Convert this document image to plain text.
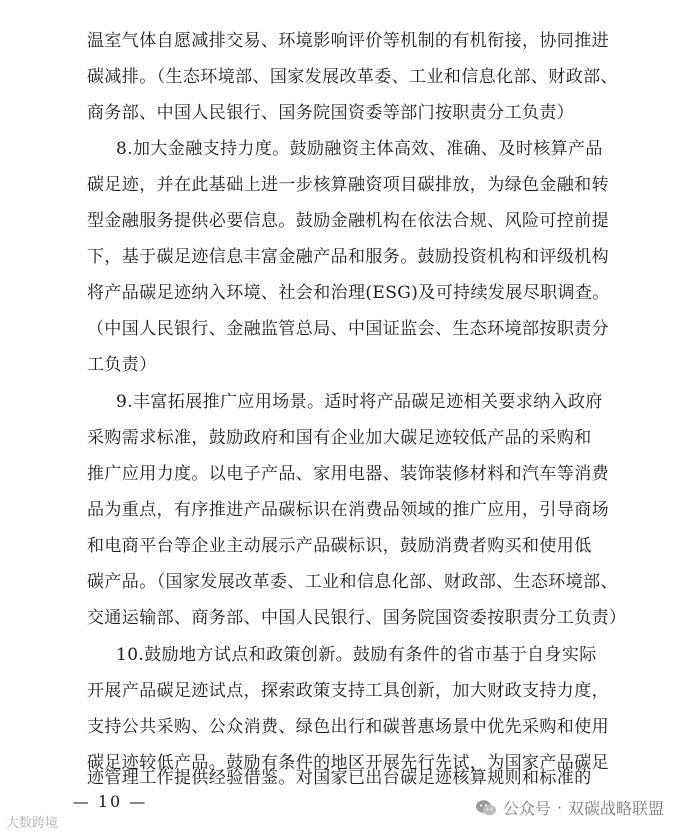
温室气体自愿减排交易、环境影响评价等机制的有机衔接，协同推进
碳减排。（生态环境部、国家发展改革委、工业和信息化部、财政部、
商务部、中国人民银行、国务院国资委等部门按职责分工负责）
8.加大金融支持力度。鼓励融资主体高效、准确、及时核算产品
碳足迹，并在此基础上进一步核算融资项目碳排放，为绿色金融和转
型金融服务提供必要信息。鼓励金融机构在依法合规、风险可控前提
下，基于碳足迹信息丰富金融产品和服务。鼓励投资机构和评级机构
将产品碳足迹纳入环境、社会和治理(ESG)及可持续发展尽职调查。
（中国人民银行、金融监管总局、中国证监会、生态环境部按职责分
工负责）
9.丰富拓展推广应用场景。适时将产品碳足迹相关要求纳入政府
采购需求标准，鼓励政府和国有企业加大碳足迹较低产品的采购和
推广应用力度。以电子产品、家用电器、装饰装修材料和汽车等消费
品为重点，有序推进产品碳标识在消费品领域的推广应用，引导商场
和电商平台等企业主动展示产品碳标识，鼓励消费者购买和使用低
碳产品。（国家发展改革委、工业和信息化部、财政部、生态环境部、
交通运输部、商务部、中国人民银行、国务院国资委按职责分工负责）
10.鼓励地方试点和政策创新。鼓励有条件的省市基于自身实际
开展产品碳足迹试点，探索政策支持工具创新，加大财政支持力度，
支持公共采购、公众消费、绿色出行和碳普惠场景中优先采购和使用
碳足迹较低产品。鼓励有条件的地区开展先行先试，为国家产品碳足
迹管理工作提供经验借鉴。对国家已出台碳足迹核算规则和标准的
— 10 —
大数跨境
公众号 · 双碳战略联盟
